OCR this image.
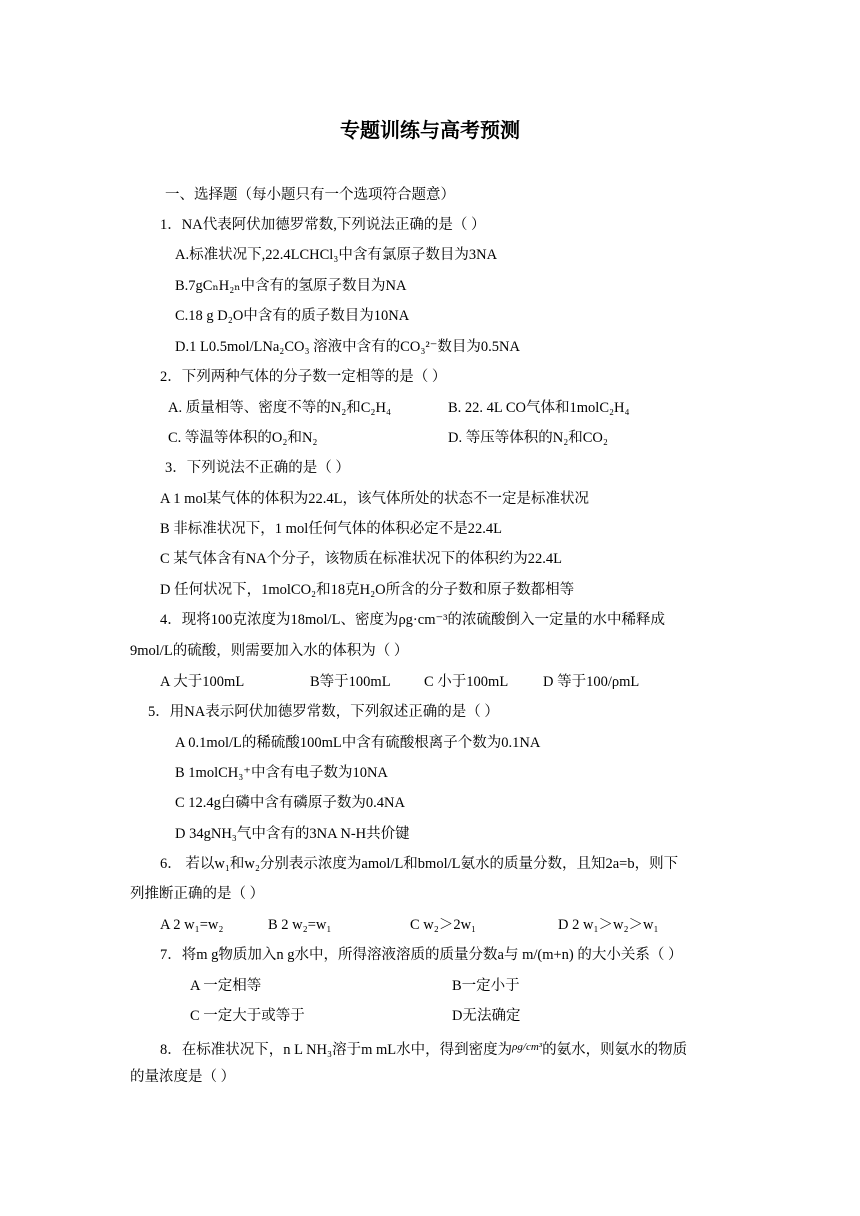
专题训练与高考预测
一、选择题（每小题只有一个选项符合题意）
1．NA代表阿伏加德罗常数,下列说法正确的是（ ）
A.标准状况下,22.4LCHCl₃中含有氯原子数目为3NA
B.7gCₙH₂ₙ中含有的氢原子数目为NA
C.18 g D₂O中含有的质子数目为10NA
D.1 L0.5mol/LNa₂CO₃ 溶液中含有的CO₃²⁻数目为0.5NA
2．下列两种气体的分子数一定相等的是（ ）
A. 质量相等、密度不等的N₂和C₂H₄	B. 22. 4L CO气体和1molC₂H₄
C. 等温等体积的O₂和N₂	D. 等压等体积的N₂和CO₂
3．下列说法不正确的是（ ）
A 1 mol某气体的体积为22.4L，该气体所处的状态不一定是标准状况
B 非标准状况下，1 mol任何气体的体积必定不是22.4L
C 某气体含有NA个分子，该物质在标准状况下的体积约为22.4L
D 任何状况下，1molCO₂和18克H₂O所含的分子数和原子数都相等
4．现将100克浓度为18mol/L、密度为ρg·cm⁻³的浓硫酸倒入一定量的水中稀释成
9mol/L的硫酸，则需要加入水的体积为（ ）
A 大于100mL	B等于100mL C 小于100mL D 等于100/ρmL
5．用NA表示阿伏加德罗常数，下列叙述正确的是（ ）
A 0.1mol/L的稀硫酸100mL中含有硫酸根离子个数为0.1NA
B 1molCH₃⁺中含有电子数为10NA
C 12.4g白磷中含有磷原子数为0.4NA
D 34gNH₃气中含有的3NA N-H共价键
6． 若以w₁和w₂分别表示浓度为amol/L和bmol/L氨水的质量分数，且知2a=b，则下
列推断正确的是（ ）
A 2 w₁=w₂	B 2 w₂=w₁	C w₂＞2w₁	D 2 w₁＞w₂＞w₁
7．将m g物质加入n g水中，所得溶液溶质的质量分数a与 m/(m+n) 的大小关系（ ）
A 一定相等	B一定小于
C 一定大于或等于	D无法确定
8．在标准状况下，n L NH₃溶于m mL水中，得到密度为$^{\rho g/cm^3}$的氨水，则氨水的物质
的量浓度是（ ）
